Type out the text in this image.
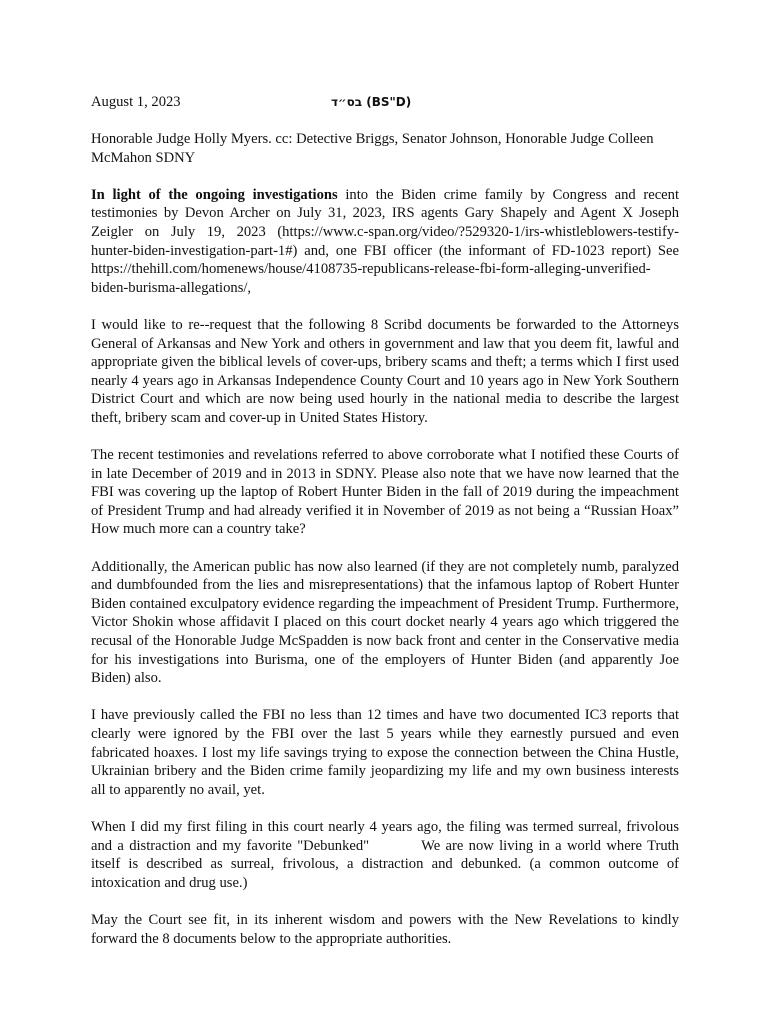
August 1, 2023	בס״ד (BS"D)

Honorable Judge Holly Myers. cc: Detective Briggs, Senator Johnson, Honorable Judge Colleen McMahon SDNY

In light of the ongoing investigations into the Biden crime family by Congress and recent testimonies by Devon Archer on July 31, 2023, IRS agents Gary Shapely and Agent X Joseph Zeigler on July 19, 2023 (https://www.c-span.org/video/?529320-1/irs-whistleblowers-testify-hunter-biden-investigation-part-1#) and, one FBI officer (the informant of FD-1023 report) See https://thehill.com/homenews/house/4108735-republicans-release-fbi-form-alleging-unverified-biden-burisma-allegations/,

I would like to re--request that the following 8 Scribd documents be forwarded to the Attorneys General of Arkansas and New York and others in government and law that you deem fit, lawful and appropriate given the biblical levels of cover-ups, bribery scams and theft; a terms which I first used nearly 4 years ago in Arkansas Independence County Court and 10 years ago in New York Southern District Court and which are now being used hourly in the national media to describe the largest theft, bribery scam and cover-up in United States History.

The recent testimonies and revelations referred to above corroborate what I notified these Courts of in late December of 2019 and in 2013 in SDNY. Please also note that we have now learned that the FBI was covering up the laptop of Robert Hunter Biden in the fall of 2019 during the impeachment of President Trump and had already verified it in November of 2019 as not being a “Russian Hoax” How much more can a country take?

Additionally, the American public has now also learned (if they are not completely numb, paralyzed and dumbfounded from the lies and misrepresentations) that the infamous laptop of Robert Hunter Biden contained exculpatory evidence regarding the impeachment of President Trump. Furthermore, Victor Shokin whose affidavit I placed on this court docket nearly 4 years ago which triggered the recusal of the Honorable Judge McSpadden is now back front and center in the Conservative media for his investigations into Burisma, one of the employers of Hunter Biden (and apparently Joe Biden) also.

I have previously called the FBI no less than 12 times and have two documented IC3 reports that clearly were ignored by the FBI over the last 5 years while they earnestly pursued and even fabricated hoaxes. I lost my life savings trying to expose the connection between the China Hustle, Ukrainian bribery and the Biden crime family jeopardizing my life and my own business interests all to apparently no avail, yet.

When I did my first filing in this court nearly 4 years ago, the filing was termed surreal, frivolous and a distraction and my favorite "Debunked"	We are now living in a world where Truth itself is described as surreal, frivolous, a distraction and debunked. (a common outcome of intoxication and drug use.)

May the Court see fit, in its inherent wisdom and powers with the New Revelations to kindly forward the 8 documents below to the appropriate authorities.
